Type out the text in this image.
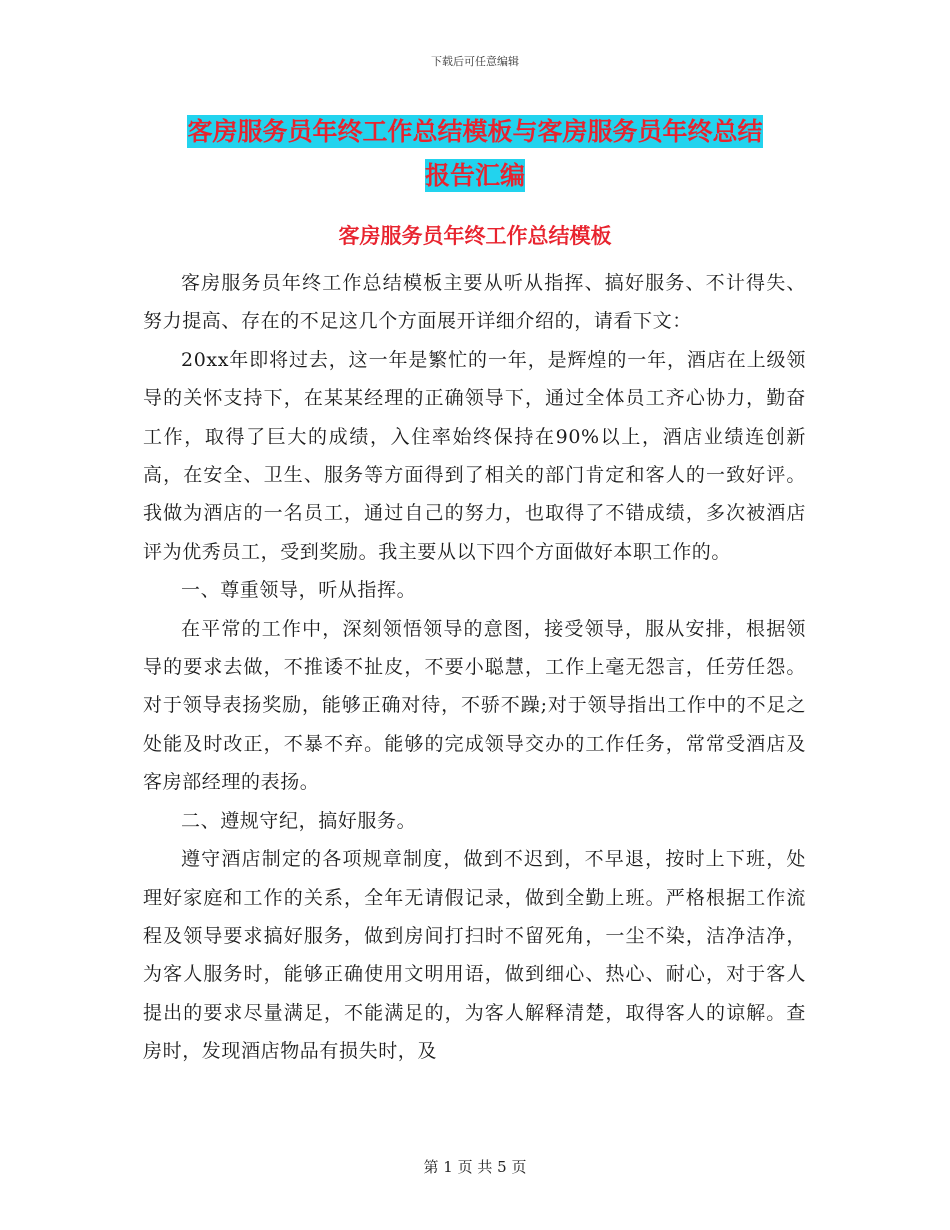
下载后可任意编辑
客房服务员年终工作总结模板与客房服务员年终总结
报告汇编
客房服务员年终工作总结模板

客房服务员年终工作总结模板主要从听从指挥、搞好服务、不计得失、努力提高、存在的不足这几个方面展开详细介绍的，请看下文：

20xx年即将过去，这一年是繁忙的一年，是辉煌的一年，酒店在上级领导的关怀支持下，在某某经理的正确领导下，通过全体员工齐心协力，勤奋工作，取得了巨大的成绩，入住率始终保持在90%以上，酒店业绩连创新高，在安全、卫生、服务等方面得到了相关的部门肯定和客人的一致好评。我做为酒店的一名员工，通过自己的努力，也取得了不错成绩，多次被酒店评为优秀员工，受到奖励。我主要从以下四个方面做好本职工作的。

一、尊重领导，听从指挥。

在平常的工作中，深刻领悟领导的意图，接受领导，服从安排，根据领导的要求去做，不推诿不扯皮，不要小聪慧，工作上毫无怨言，任劳任怨。对于领导表扬奖励，能够正确对待，不骄不躁;对于领导指出工作中的不足之处能及时改正，不暴不弃。能够的完成领导交办的工作任务，常常受酒店及客房部经理的表扬。

二、遵规守纪，搞好服务。

遵守酒店制定的各项规章制度，做到不迟到，不早退，按时上下班，处理好家庭和工作的关系，全年无请假记录，做到全勤上班。严格根据工作流程及领导要求搞好服务，做到房间打扫时不留死角，一尘不染，洁净洁净，为客人服务时，能够正确使用文明用语，做到细心、热心、耐心，对于客人提出的要求尽量满足，不能满足的，为客人解释清楚，取得客人的谅解。查房时，发现酒店物品有损失时，及

第 1 页 共 5 页
